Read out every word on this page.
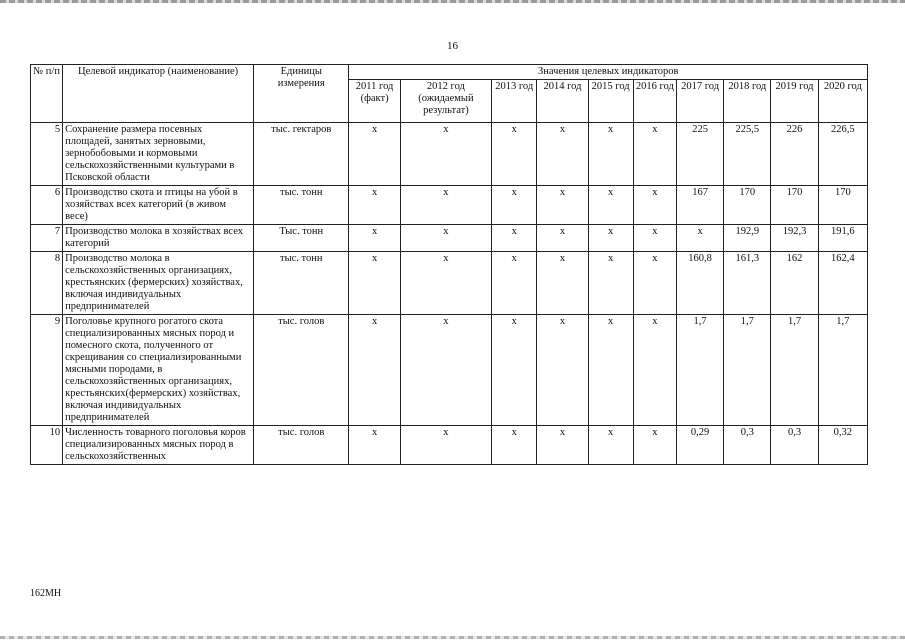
16
№ п/п	Целевой индикатор (наименование)	Единицы измерения	Значения целевых индикаторов									
			2011 год (факт)	2012 год (ожидаемый результат)	2013 год	2014 год	2015 год	2016 год	2017 год	2018 год	2019 год	2020 год
5	Сохранение размера посевных площадей, занятых зерновыми, зернобобовыми и кормовыми сельскохозяйственными культурами в Псковской области	тыс. гектаров	х	х	х	х	х	х	225	225,5	226	226,5
6	Производство скота и птицы на убой в хозяйствах всех категорий (в живом весе)	тыс. тонн	х	х	х	х	х	х	167	170	170	170
7	Производство молока в хозяйствах всех категорий	Тыс. тонн	х	х	х	х	х	х	х	192,9	192,3	191,6
8	Производство молока в сельскохозяйственных организациях, крестьянских (фермерских) хозяйствах, включая индивидуальных предпринимателей	тыс. тонн	х	х	х	х	х	х	160,8	161,3	162	162,4
9	Поголовье крупного рогатого скота специализированных мясных пород и помесного скота, полученного от скрещивания со специализированными мясными породами, в сельскохозяйственных организациях, крестьянских(фермерских) хозяйствах, включая индивидуальных предпринимателей	тыс. голов	х	х	х	х	х	х	1,7	1,7	1,7	1,7
10	Численность товарного поголовья коров специализированных мясных пород в сельскохозяйственных	тыс. голов	х	х	х	х	х	х	0,29	0,3	0,3	0,32
162МН
